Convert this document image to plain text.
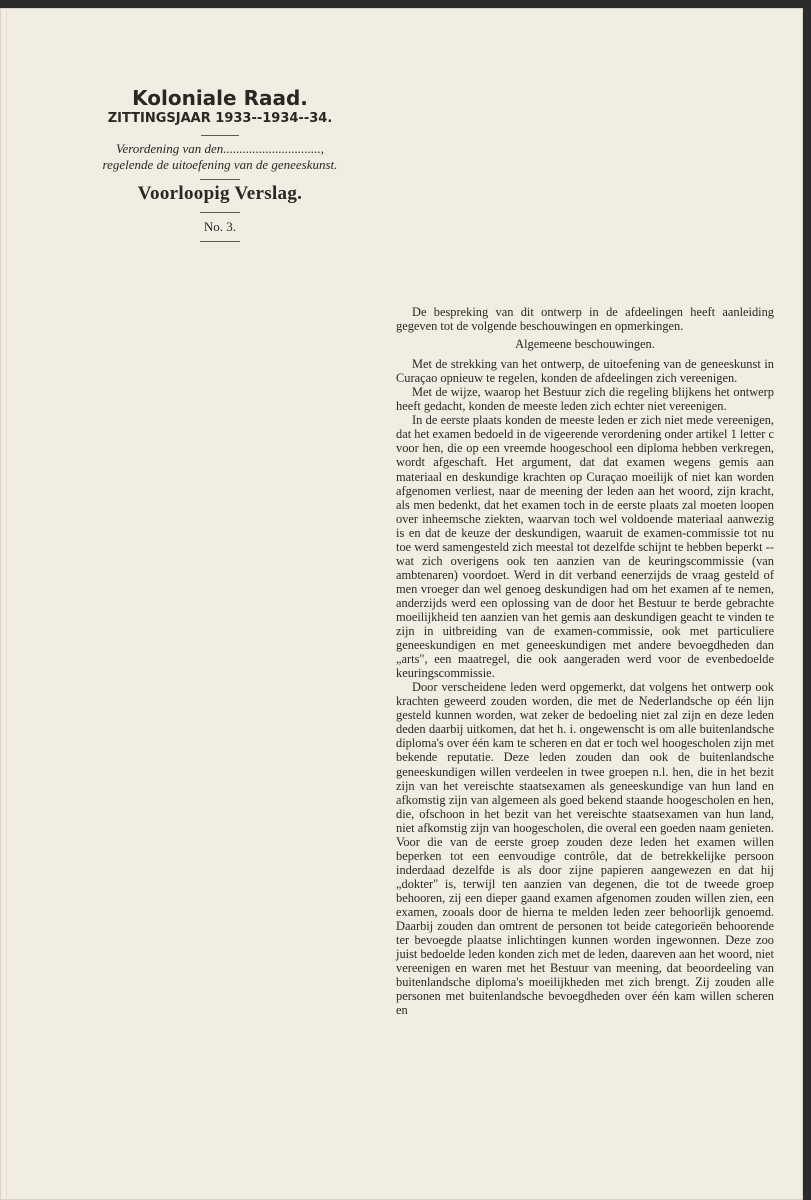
Koloniale Raad.

ZITTINGSJAAR 1933--1934--34.

Verordening van den..............................,

regelende de uitoefening van de geneeskunst.

Voorloopig Verslag.

No. 3.

De bespreking van dit ontwerp in de afdeelingen heeft aanleiding gegeven tot de volgende beschouwingen en opmerkingen.

Algemeene beschouwingen.

Met de strekking van het ontwerp, de uitoefening van de geneeskunst in Curaçao opnieuw te regelen, konden de afdeelingen zich vereenigen.

Met de wijze, waarop het Bestuur zich die regeling blijkens het ontwerp heeft gedacht, konden de meeste leden zich echter niet vereenigen.

In de eerste plaats konden de meeste leden er zich niet mede vereenigen, dat het examen bedoeld in de vigeerende verordening onder artikel 1 letter c voor hen, die op een vreemde hoogeschool een diploma hebben verkregen, wordt afgeschaft. Het argument, dat dat examen wegens gemis aan materiaal en deskundige krachten op Curaçao moeilijk of niet kan worden afgenomen verliest, naar de meening der leden aan het woord, zijn kracht, als men bedenkt, dat het examen toch in de eerste plaats zal moeten loopen over inheemsche ziekten, waarvan toch wel voldoende materiaal aanwezig is en dat de keuze der deskundigen, waaruit de examen-commissie tot nu toe werd samengesteld zich meestal tot dezelfde schijnt te hebben beperkt -- wat zich overigens ook ten aanzien van de keuringscommissie (van ambtenaren) voordoet. Werd in dit verband eenerzijds de vraag gesteld of men vroeger dan wel genoeg deskundigen had om het examen af te nemen, anderzijds werd een oplossing van de door het Bestuur te berde gebrachte moeilijkheid ten aanzien van het gemis aan deskundigen geacht te vinden te zijn in uitbreiding van de examen-commissie, ook met particuliere geneeskundigen en met geneeskundigen met andere bevoegdheden dan „arts", een maatregel, die ook aangeraden werd voor de evenbedoelde keuringscommissie.

Door verscheidene leden werd opgemerkt, dat volgens het ontwerp ook krachten geweerd zouden worden, die met de Nederlandsche op één lijn gesteld kunnen worden, wat zeker de bedoeling niet zal zijn en deze leden deden daarbij uitkomen, dat het h. i. ongewenscht is om alle buitenlandsche diploma's over één kam te scheren en dat er toch wel hoogescholen zijn met bekende reputatie. Deze leden zouden dan ook de buitenlandsche geneeskundigen willen verdeelen in twee groepen n.l. hen, die in het bezit zijn van het vereischte staatsexamen als geneeskundige van hun land en afkomstig zijn van algemeen als goed bekend staande hoogescholen en hen, die, ofschoon in het bezit van het vereischte staatsexamen van hun land, niet afkomstig zijn van hoogescholen, die overal een goeden naam genieten. Voor die van de eerste groep zouden deze leden het examen willen beperken tot een eenvoudige contrôle, dat de betrekkelijke persoon inderdaad dezelfde is als door zijne papieren aangewezen en dat hij „dokter" is, terwijl ten aanzien van degenen, die tot de tweede groep behooren, zij een dieper gaand examen afgenomen zouden willen zien, een examen, zooals door de hierna te melden leden zeer behoorlijk genoemd. Daarbij zouden dan omtrent de personen tot beide categorieën behoorende ter bevoegde plaatse inlichtingen kunnen worden ingewonnen. Deze zoo juist bedoelde leden konden zich met de leden, daareven aan het woord, niet vereenigen en waren met het Bestuur van meening, dat beoordeeling van buitenlandsche diploma's moeilijkheden met zich brengt. Zij zouden alle personen met buitenlandsche bevoegdheden over één kam willen scheren en
